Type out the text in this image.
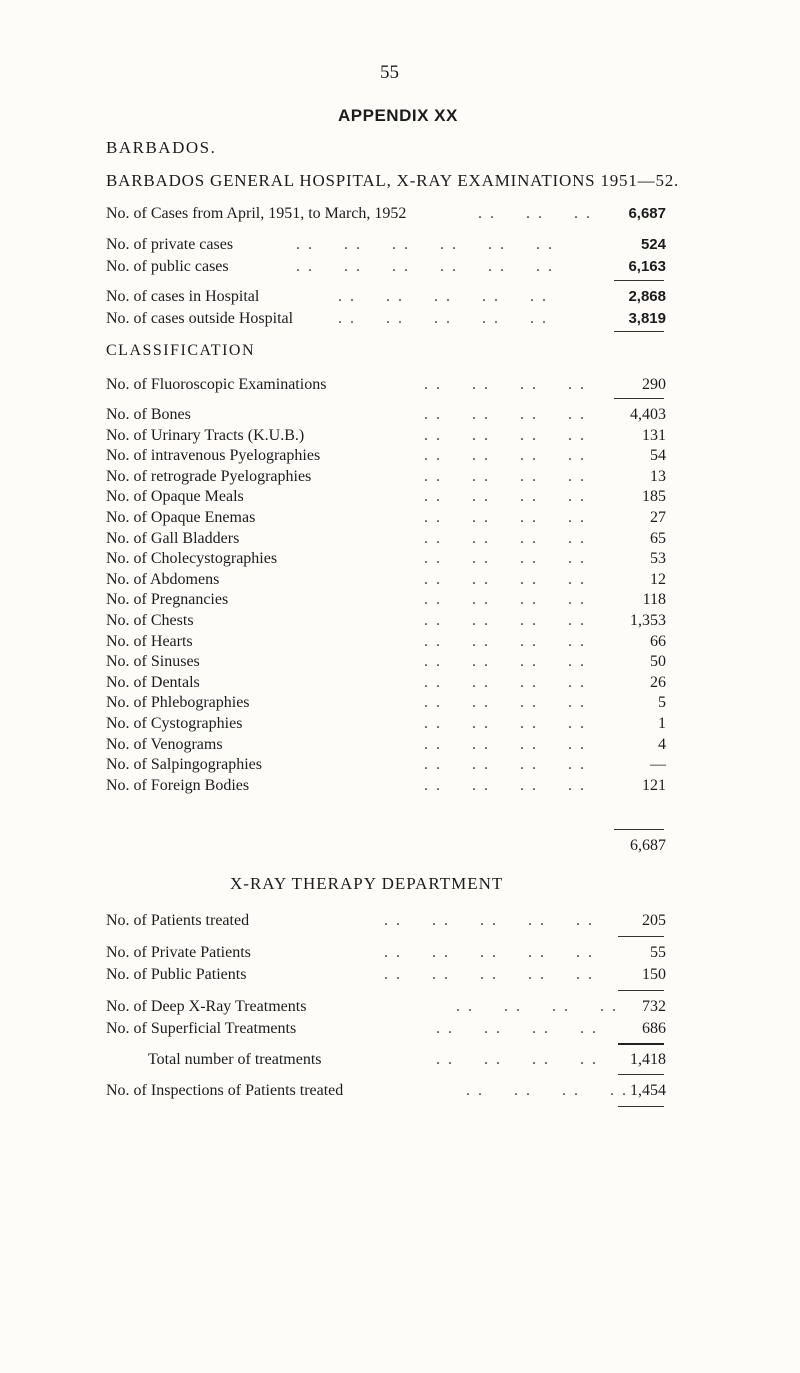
55
APPENDIX XX
BARBADOS.
BARBADOS GENERAL HOSPITAL, X-RAY EXAMINATIONS 1951—52.
No. of Cases from April, 1951, to March, 1952	. .     . .     . . 6,687
No. of private cases	. .     . .     . .     . .     . .     . .	524
No. of public cases	. .     . .     . .     . .     . .     . .	6,163
No. of cases in Hospital	. .     . .     . .     . .     . .	2,868
No. of cases outside Hospital	. .     . .     . .     . .     . .	3,819
CLASSIFICATION
No. of Fluoroscopic Examinations	. .     . .     . .     . .	290
No. of Bones	. .     . .     . .     . .	4,403
No. of Urinary Tracts (K.U.B.)	. .     . .     . .     . .	131
No. of intravenous Pyelographies	. .     . .     . .     . .	54
No. of retrograde Pyelographies	. .     . .     . .     . .	13
No. of Opaque Meals	. .     . .     . .     . .	185
No. of Opaque Enemas	. .     . .     . .     . .	27
No. of Gall Bladders	. .     . .     . .     . .	65
No. of Cholecystographies	. .     . .     . .     . .	53
No. of Abdomens	. .     . .     . .     . .	12
No. of Pregnancies	. .     . .     . .     . .	118
No. of Chests	. .     . .     . .     . .	1,353
No. of Hearts	. .     . .     . .     . .	66
No. of Sinuses	. .     . .     . .     . .	50
No. of Dentals	. .     . .     . .     . .	26
No. of Phlebographies	. .     . .     . .     . .	5
No. of Cystographies	. .     . .     . .     . .	1
No. of Venograms	. .     . .     . .     . .	4
No. of Salpingographies	. .     . .     . .     . .	—
No. of Foreign Bodies	. .     . .     . .     . .	121
6,687
X-RAY THERAPY DEPARTMENT
No. of Patients treated	. .     . .     . .     . .     . .	205
No. of Private Patients	. .     . .     . .     . .     . .	55
No. of Public Patients	. .     . .     . .     . .     . .	150
No. of Deep X-Ray Treatments	. .     . .     . .     . . 732
No. of Superficial Treatments	. .     . .     . .     . .	686
Total number of treatments	. .     . .     . .     . . 1,418
No. of Inspections of Patients treated	. .     . .     . .     . . 1,454
